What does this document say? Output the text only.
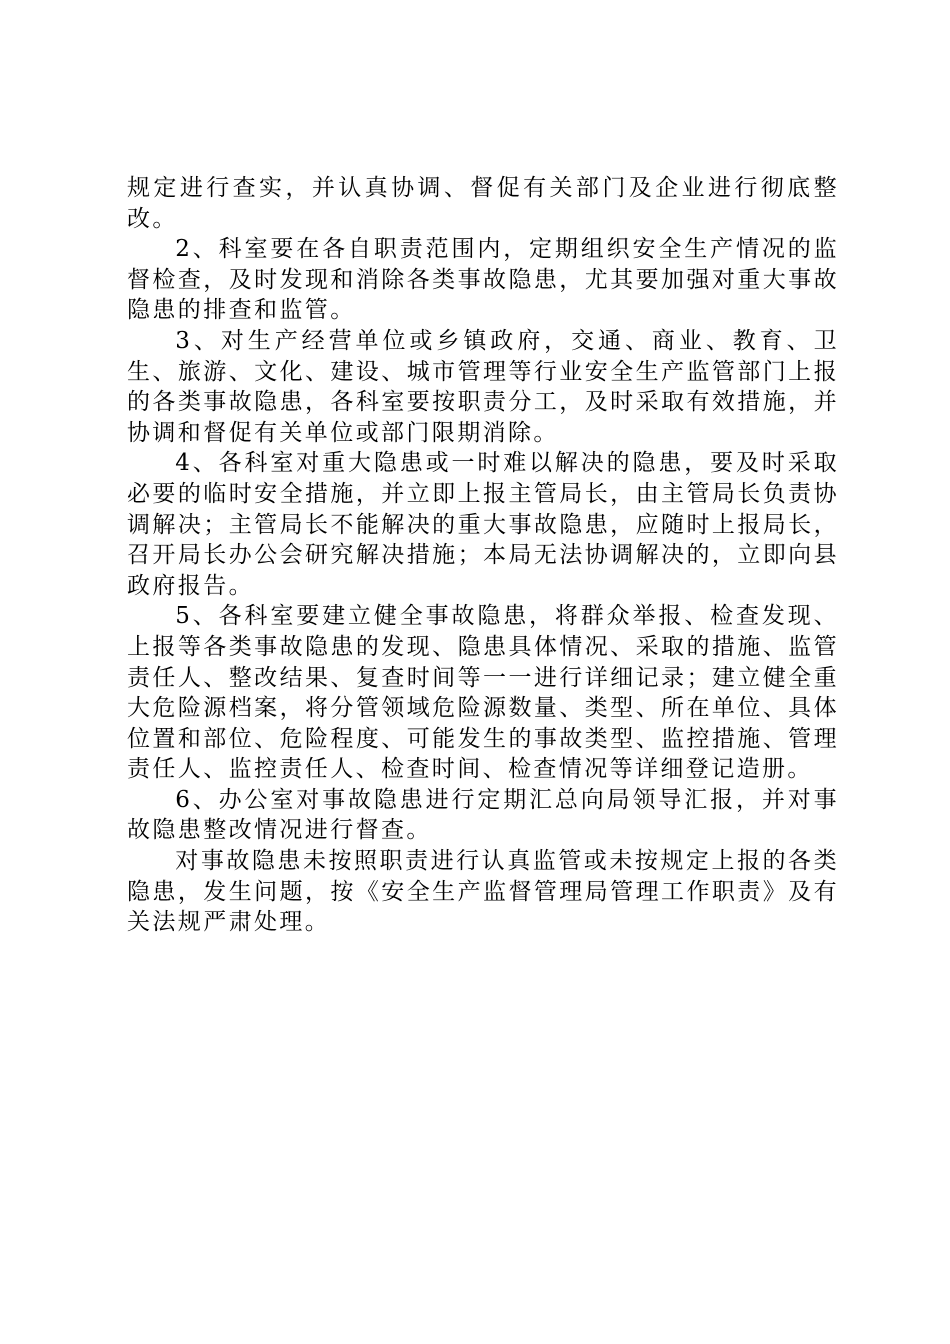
规定进行查实，并认真协调、督促有关部门及企业进行彻底整改。

2、科室要在各自职责范围内，定期组织安全生产情况的监督检查，及时发现和消除各类事故隐患，尤其要加强对重大事故隐患的排查和监管。

3、对生产经营单位或乡镇政府，交通、商业、教育、卫生、旅游、文化、建设、城市管理等行业安全生产监管部门上报的各类事故隐患，各科室要按职责分工，及时采取有效措施，并协调和督促有关单位或部门限期消除。

4、各科室对重大隐患或一时难以解决的隐患，要及时采取必要的临时安全措施，并立即上报主管局长，由主管局长负责协调解决；主管局长不能解决的重大事故隐患，应随时上报局长，召开局长办公会研究解决措施；本局无法协调解决的，立即向县政府报告。

5、各科室要建立健全事故隐患，将群众举报、检查发现、上报等各类事故隐患的发现、隐患具体情况、采取的措施、监管责任人、整改结果、复查时间等一一进行详细记录；建立健全重大危险源档案，将分管领域危险源数量、类型、所在单位、具体位置和部位、危险程度、可能发生的事故类型、监控措施、管理责任人、监控责任人、检查时间、检查情况等详细登记造册。

6、办公室对事故隐患进行定期汇总向局领导汇报，并对事故隐患整改情况进行督查。

对事故隐患未按照职责进行认真监管或未按规定上报的各类隐患，发生问题，按《安全生产监督管理局管理工作职责》及有关法规严肃处理。
